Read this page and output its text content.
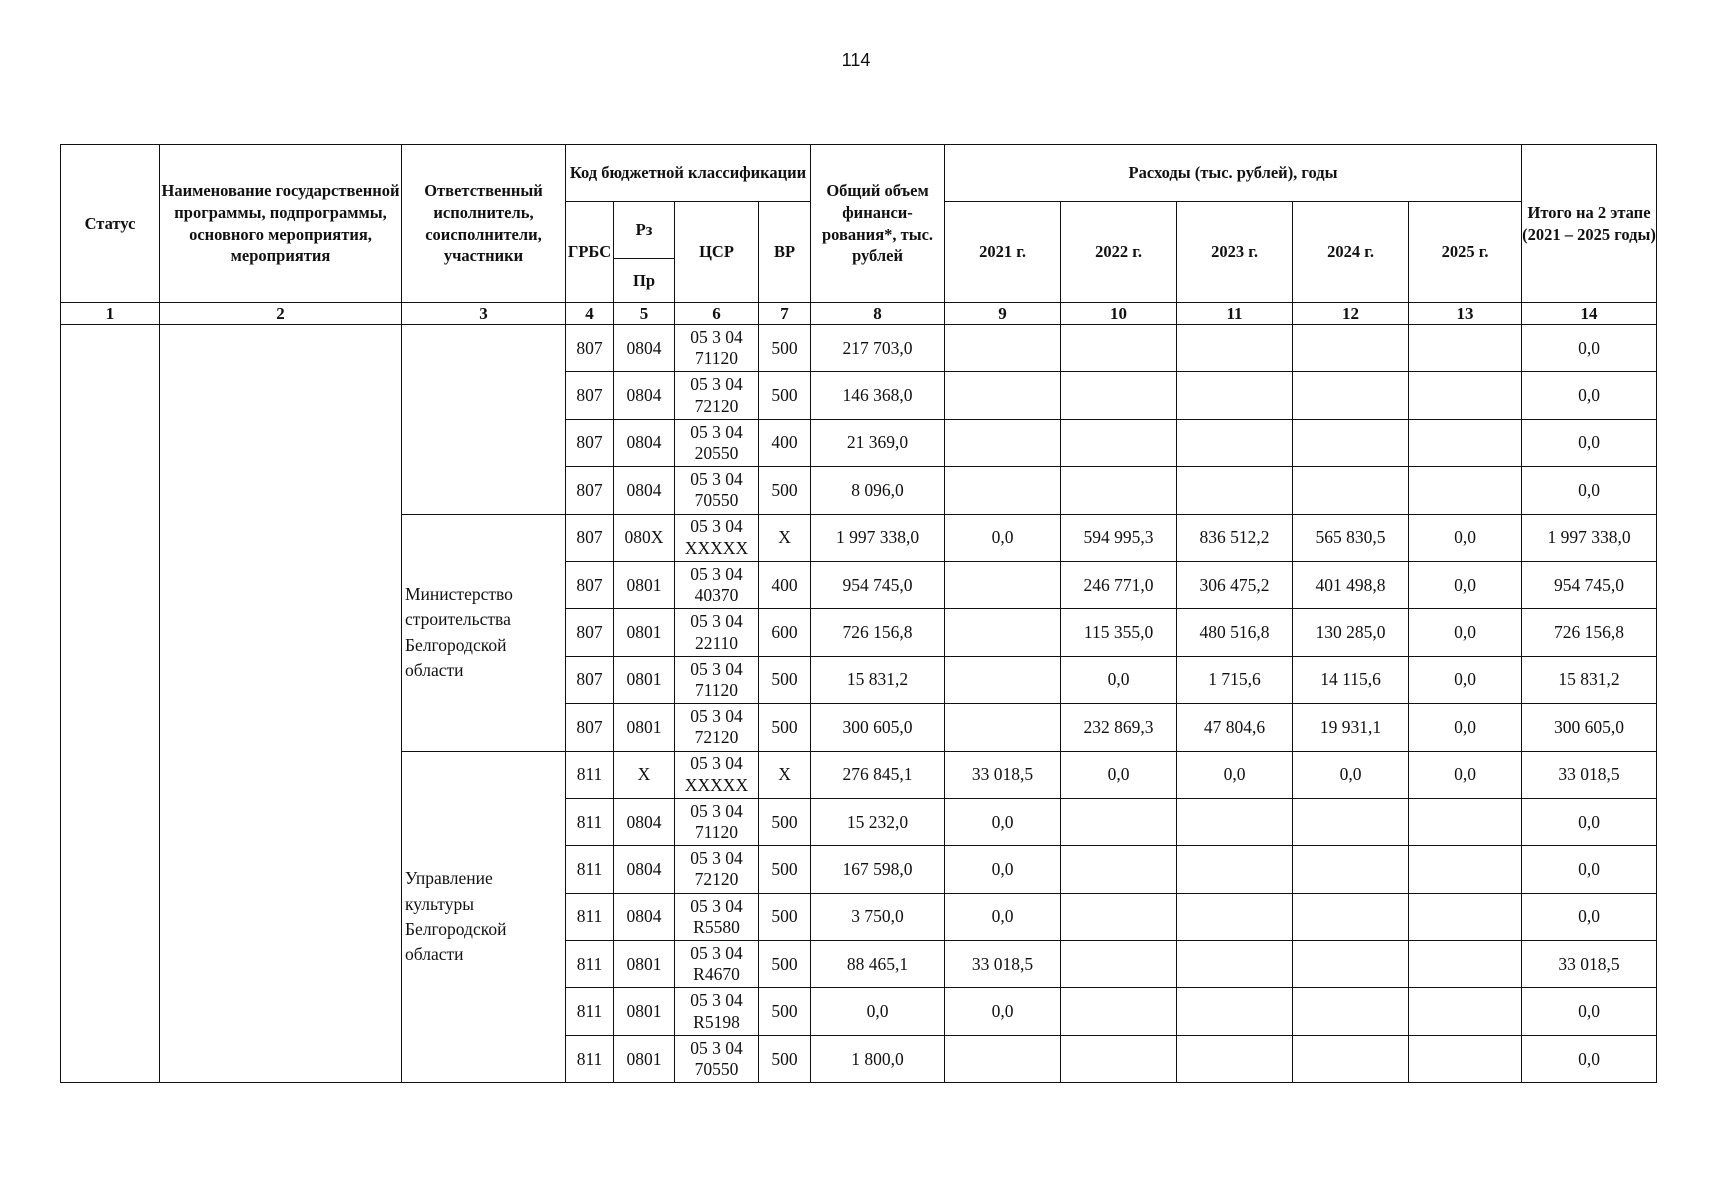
114
Статус	Наименование государственной программы, подпрограммы, основного мероприятия, мероприятия	Ответственный исполнитель, соисполнители, участники	Код бюджетной классификации				Общий объем финанси-рования*, тыс. рублей	Расходы (тыс. рублей), годы					Итого на 2 этапе (2021 – 2025 годы)
			ГРБС	Рз	ЦСР	ВР		2021 г.	2022 г.	2023 г.	2024 г.	2025 г.	
				Пр									
1	2	3	4	5	6	7	8	9	10	11	12	13	14
			807	0804	05 3 04 71120	500	217 703,0						0,0
			807	0804	05 3 04 72120	500	146 368,0						0,0
			807	0804	05 3 04 20550	400	21 369,0						0,0
			807	0804	05 3 04 70550	500	8 096,0						0,0
		Министерство строительства Белгородской области	807	080Х	05 3 04 ХХХХХ	Х	1 997 338,0	0,0	594 995,3	836 512,2	565 830,5	0,0	1 997 338,0
			807	0801	05 3 04 40370	400	954 745,0		246 771,0	306 475,2	401 498,8	0,0	954 745,0
			807	0801	05 3 04 22110	600	726 156,8		115 355,0	480 516,8	130 285,0	0,0	726 156,8
			807	0801	05 3 04 71120	500	15 831,2		0,0	1 715,6	14 115,6	0,0	15 831,2
			807	0801	05 3 04 72120	500	300 605,0		232 869,3	47 804,6	19 931,1	0,0	300 605,0
		Управление культуры Белгородской области	811	Х	05 3 04 ХХХХХ	Х	276 845,1	33 018,5	0,0	0,0	0,0	0,0	33 018,5
			811	0804	05 3 04 71120	500	15 232,0	0,0					0,0
			811	0804	05 3 04 72120	500	167 598,0	0,0					0,0
			811	0804	05 3 04 R5580	500	3 750,0	0,0					0,0
			811	0801	05 3 04 R4670	500	88 465,1	33 018,5					33 018,5
			811	0801	05 3 04 R5198	500	0,0	0,0					0,0
			811	0801	05 3 04 70550	500	1 800,0						0,0
